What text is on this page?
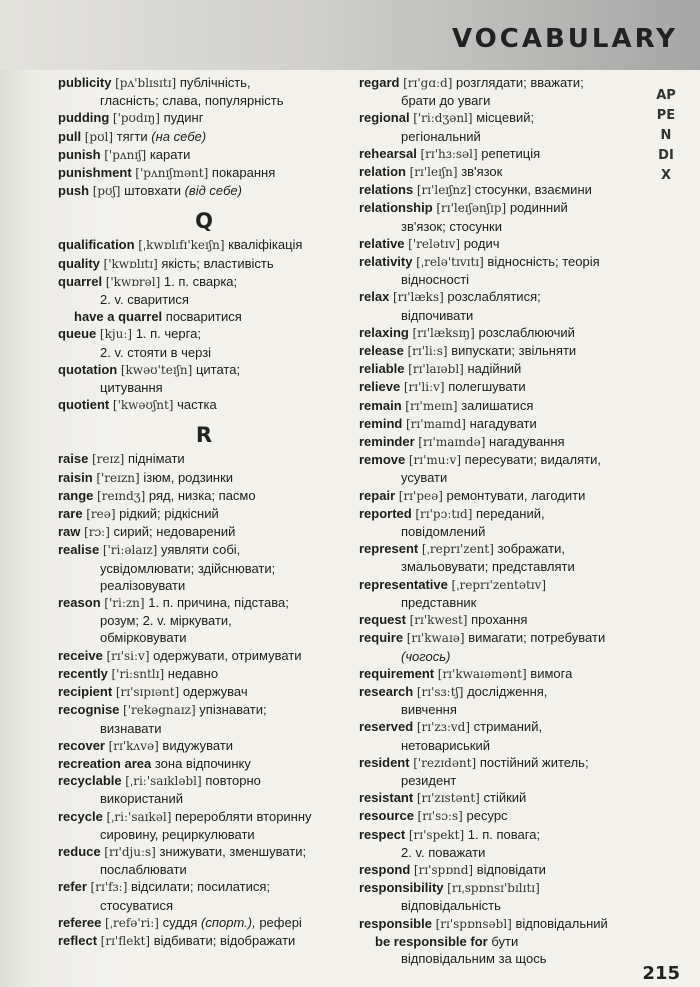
VOCABULARY
APPENDIX
publicity [pʌ'blɪsɪtɪ] публічність,
гласність; слава, популярність
pudding ['pʊdɪŋ] пудинг
pull [pʊl] тягти (на себе)
punish ['pʌnɪʃ] карати
punishment ['pʌnɪʃmənt] покарання
push [pʊʃ] штовхати (від себе)
Q
qualification [ˌkwɒlɪfɪ'keɪʃn] кваліфікація
quality ['kwɒlɪtɪ] якість; властивість
quarrel ['kwɒrəl] 1. п. сварка;
2. v. сваритися
have a quarrel посваритися
queue [kjuː] 1. п. черга;
2. v. стояти в черзі
quotation [kwəʊ'teɪʃn] цитата;
цитування
quotient ['kwəʊʃnt] частка
R
raise [reɪz] піднімати
raisin ['reɪzn] ізюм, родзинки
range [reɪndʒ] ряд, низка; пасмо
rare [reə] рідкий; рідкісний
raw [rɔː] сирий; недоварений
realise ['riːəlaɪz] уявляти собі,
усвідомлювати; здійснювати;
реалізовувати
reason ['riːzn] 1. п. причина, підстава;
розум; 2. v. міркувати,
обмірковувати
receive [rɪ'siːv] одержувати, отримувати
recently ['riːsntlɪ] недавно
recipient [rɪ'sɪpɪənt] одержувач
recognise ['rekəgnaɪz] упізнавати;
визнавати
recover [rɪ'kʌvə] видужувати
recreation area зона відпочинку
recyclable [ˌriː'saɪkləbl] повторно
використаний
recycle [ˌriː'saɪkəl] переробляти вторинну
сировину, рециркулювати
reduce [rɪ'djuːs] знижувати, зменшувати;
послаблювати
refer [rɪ'fɜː] відсилати; посилатися;
стосуватися
referee [ˌrefə'riː] суддя (спорт.), рефері
reflect [rɪ'flekt] відбивати; відображати
regard [rɪ'gɑːd] розглядати; вважати;
брати до уваги
regional ['riːdʒənl] місцевий;
регіональний
rehearsal [rɪ'hɜːsəl] репетиція
relation [rɪ'leɪʃn] зв'язок
relations [rɪ'leɪʃnz] стосунки, взаємини
relationship [rɪ'leɪʃənʃɪp] родинний
зв'язок; стосунки
relative ['relətɪv] родич
relativity [ˌrelə'tɪvɪtɪ] відносність; теорія
відносності
relax [rɪ'læks] розслаблятися;
відпочивати
relaxing [rɪ'læksɪŋ] розслаблюючий
release [rɪ'liːs] випускати; звільняти
reliable [rɪ'laɪəbl] надійний
relieve [rɪ'liːv] полегшувати
remain [rɪ'meɪn] залишатися
remind [rɪ'maɪnd] нагадувати
reminder [rɪ'maɪndə] нагадування
remove [rɪ'muːv] пересувати; видаляти,
усувати
repair [rɪ'peə] ремонтувати, лагодити
reported [rɪ'pɔːtɪd] переданий,
повідомлений
represent [ˌreprɪ'zent] зображати,
змальовувати; представляти
representative [ˌreprɪ'zentətɪv]
представник
request [rɪ'kwest] прохання
require [rɪ'kwaɪə] вимагати; потребувати
(чогось)
requirement [rɪ'kwaɪəmənt] вимога
research [rɪ'sɜːtʃ] дослідження,
вивчення
reserved [rɪ'zɜːvd] стриманий,
нетовариський
resident ['rezɪdənt] постійний житель;
резидент
resistant [rɪ'zɪstənt] стійкий
resource [rɪ'sɔːs] ресурс
respect [rɪ'spekt] 1. п. повага;
2. v. поважати
respond [rɪ'spɒnd] відповідати
responsibility [rɪˌspɒnsɪ'bɪlɪtɪ]
відповідальність
responsible [rɪ'spɒnsəbl] відповідальний
be responsible for бути
відповідальним за щось
215
